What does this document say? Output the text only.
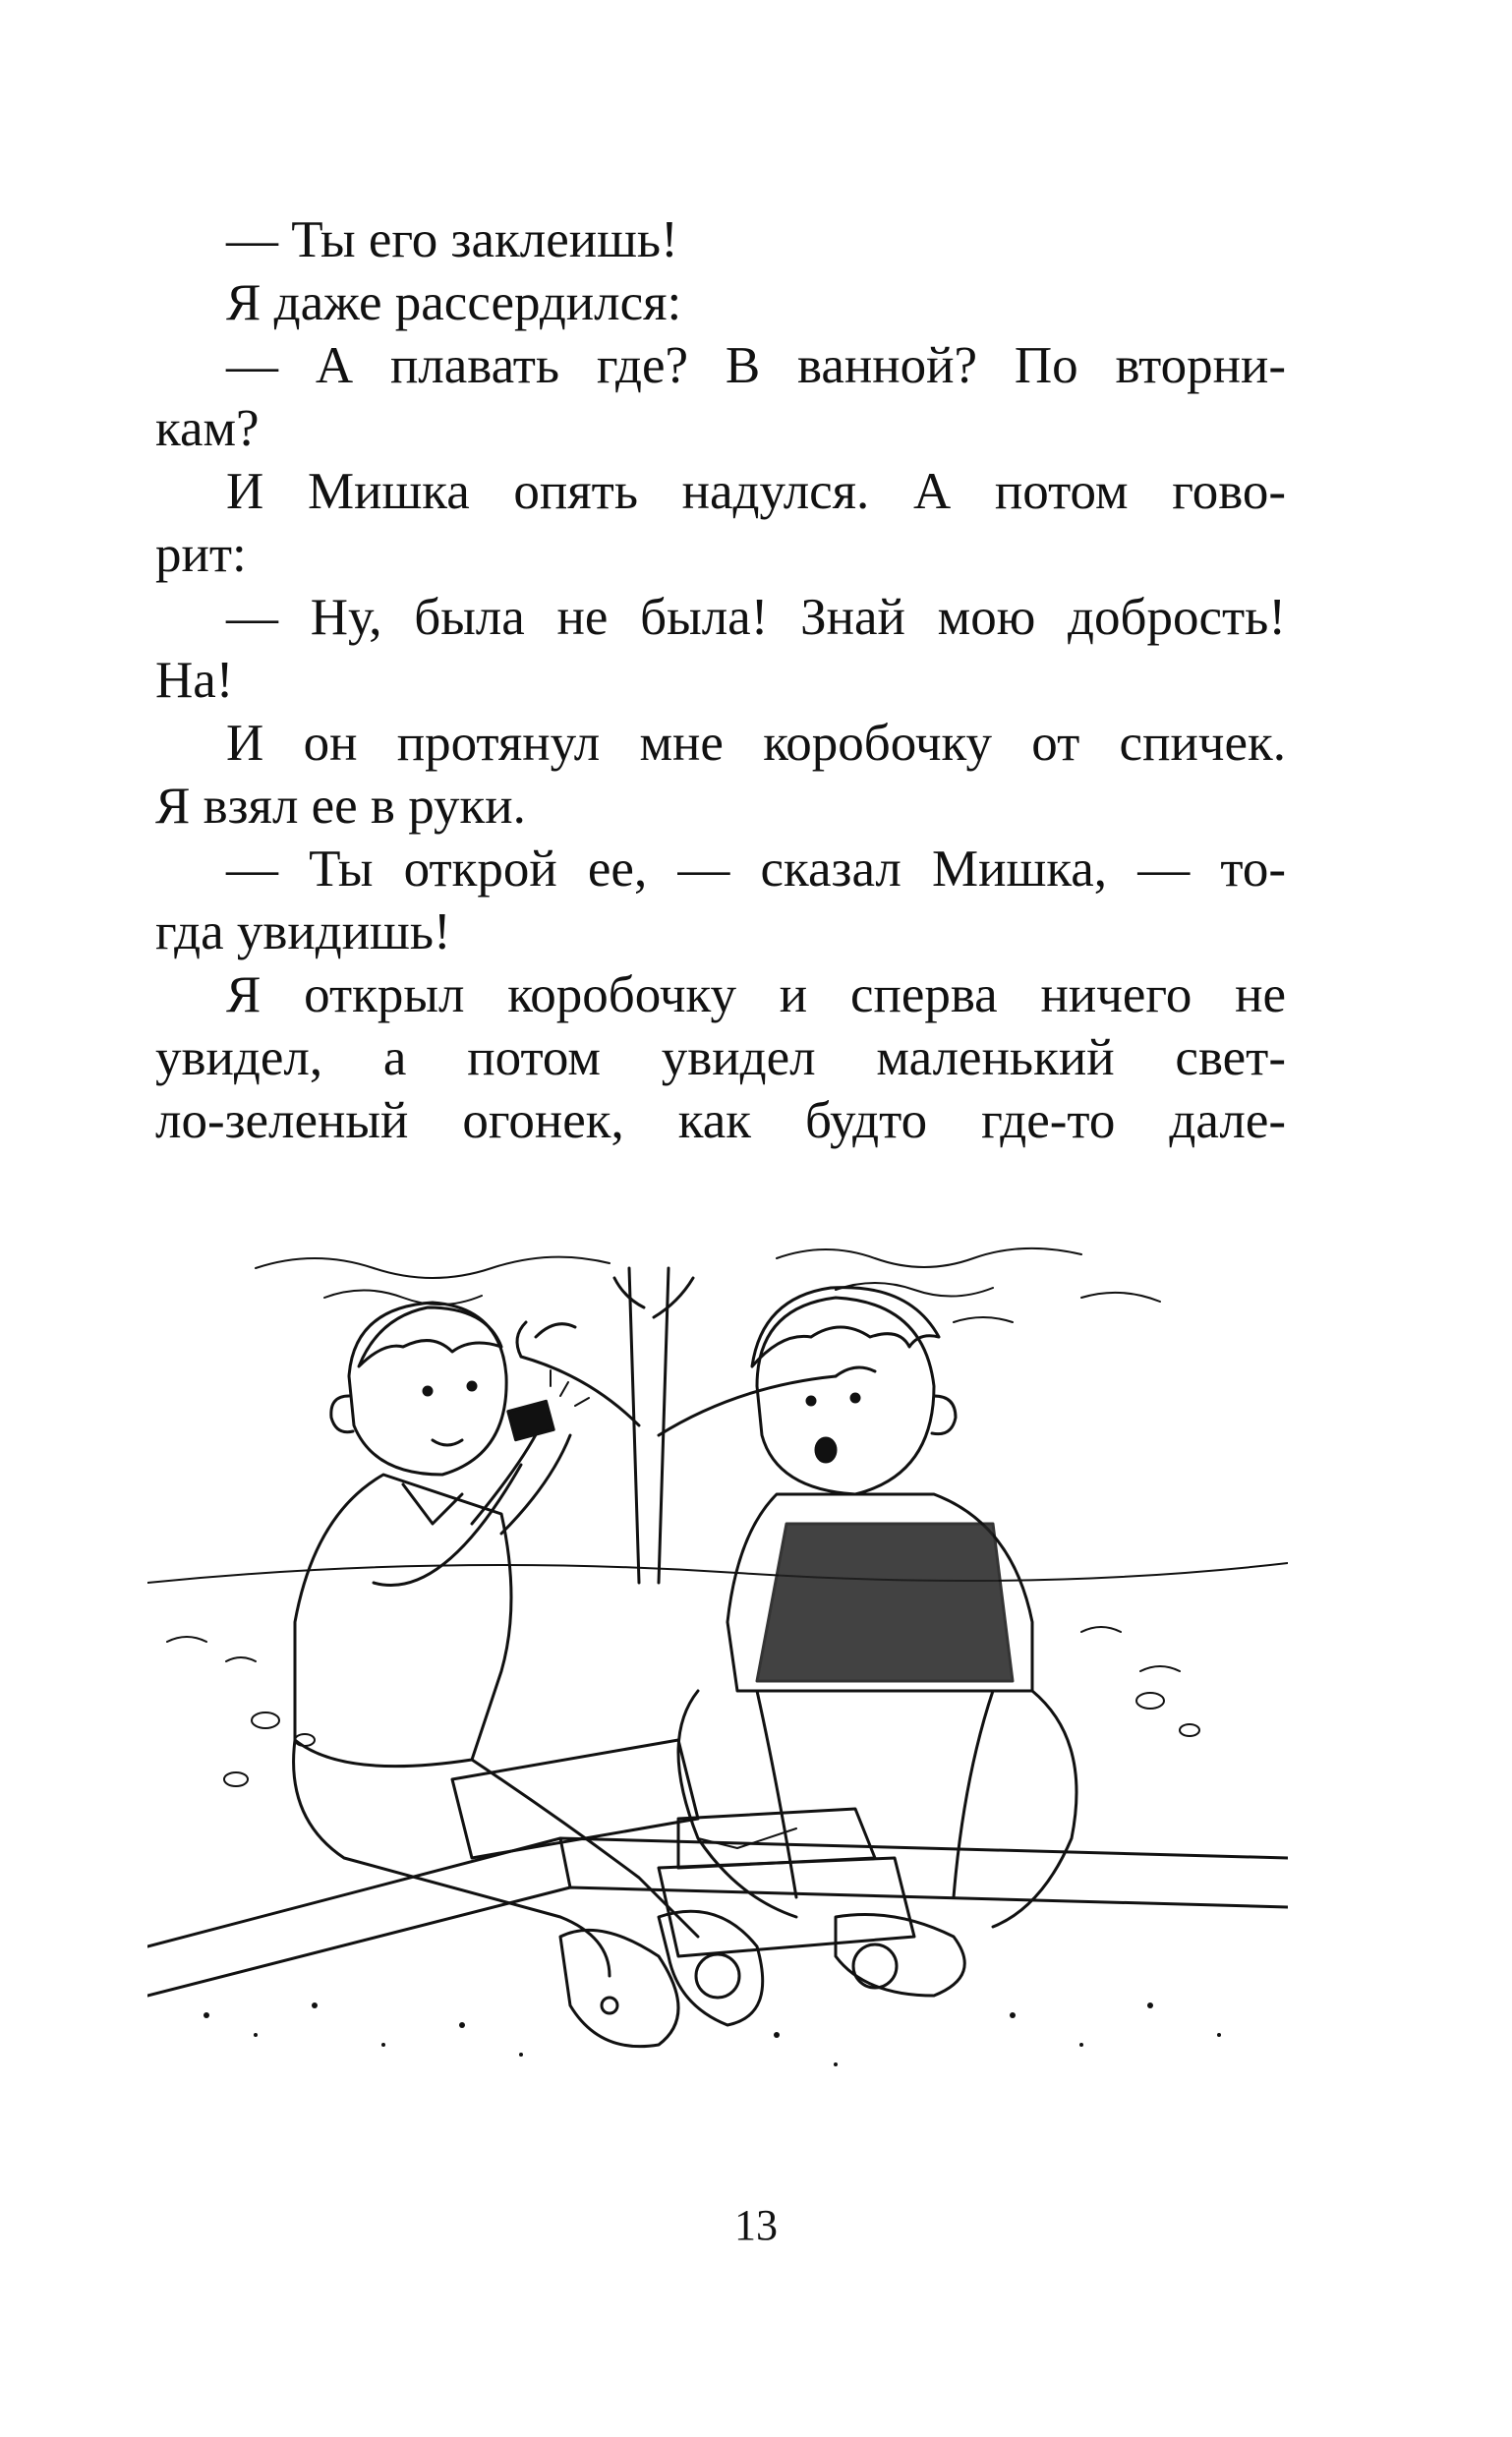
— Ты его заклеишь!
Я даже рассердился:
— А плавать где? В ванной? По вторни-
кам?
И Мишка опять надулся. А потом гово-
рит:
— Ну, была не была! Знай мою доброcть!
На!
И он протянул мне коробочку от спичек.
Я взял ее в руки.
— Ты открой ее, — сказал Мишка, — то-
гда увидишь!
Я открыл коробочку и сперва ничего не
увидел, а потом увидел маленький свет-
ло-зеленый огонек, как будто где-то дале-
13
